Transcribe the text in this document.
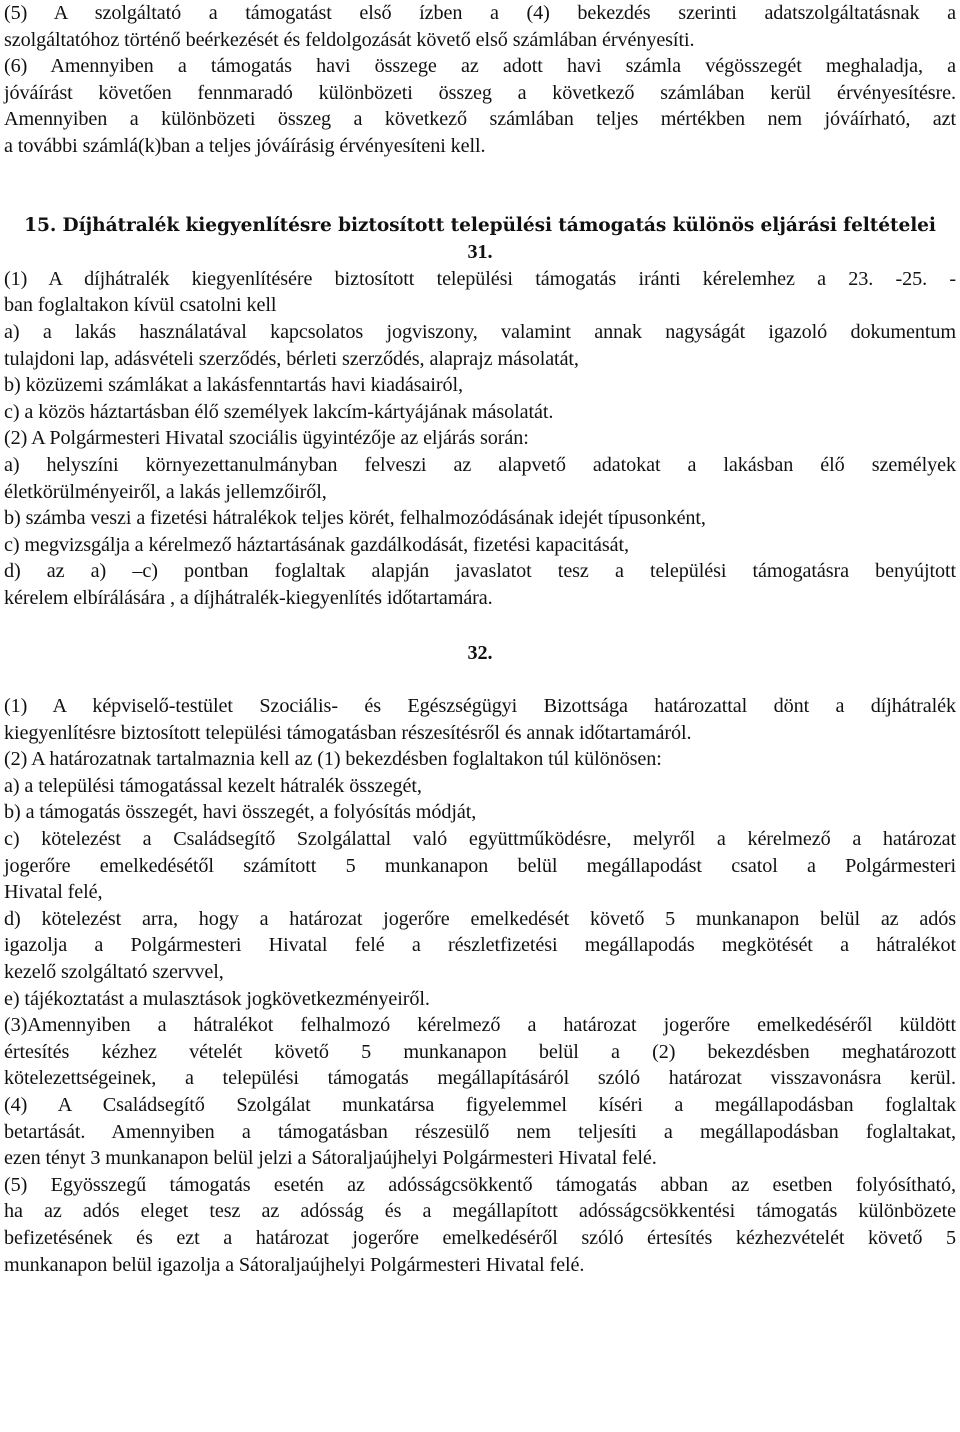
(5) A szolgáltató a támogatást első ízben a (4) bekezdés szerinti adatszolgáltatásnak a
szolgáltatóhoz történő beérkezését és feldolgozását követő első számlában érvényesíti.
(6) Amennyiben a támogatás havi összege az adott havi számla végösszegét meghaladja, a
jóváírást követően fennmaradó különbözeti összeg a következő számlában kerül érvényesítésre.
Amennyiben a különbözeti összeg a következő számlában teljes mértékben nem jóváírható, azt
a további számlá(k)ban a teljes jóváírásig érvényesíteni kell.
15. Díjhátralék kiegyenlítésre biztosított települési támogatás különös eljárási feltételei
31.
(1) A díjhátralék kiegyenlítésére biztosított települési támogatás iránti kérelemhez a 23. -25. -
ban foglaltakon kívül csatolni kell
a) a lakás használatával kapcsolatos jogviszony, valamint annak nagyságát igazoló dokumentum
tulajdoni lap, adásvételi szerződés, bérleti szerződés, alaprajz másolatát,
b) közüzemi számlákat a lakásfenntartás havi kiadásairól,
c) a közös háztartásban élő személyek lakcím-kártyájának másolatát.
(2) A Polgármesteri Hivatal szociális ügyintézője az eljárás során:
a) helyszíni környezettanulmányban felveszi az alapvető adatokat a lakásban élő személyek
életkörülményeiről, a lakás jellemzőiről,
b) számba veszi a fizetési hátralékok teljes körét, felhalmozódásának idejét típusonként,
c) megvizsgálja a kérelmező háztartásának gazdálkodását, fizetési kapacitását,
d) az a) –c) pontban foglaltak alapján javaslatot tesz a települési támogatásra benyújtott
kérelem elbírálására , a díjhátralék-kiegyenlítés időtartamára.
32.
(1) A képviselő-testület Szociális- és Egészségügyi Bizottsága határozattal dönt a díjhátralék
kiegyenlítésre biztosított települési támogatásban részesítésről és annak időtartamáról.
(2) A határozatnak tartalmaznia kell az (1) bekezdésben foglaltakon túl különösen:
a) a települési támogatással kezelt hátralék összegét,
b) a támogatás összegét, havi összegét, a folyósítás módját,
c) kötelezést a Családsegítő Szolgálattal való együttműködésre, melyről a kérelmező a határozat
jogerőre emelkedésétől számított 5 munkanapon belül megállapodást csatol a Polgármesteri
Hivatal felé,
d) kötelezést arra, hogy a határozat jogerőre emelkedését követő 5 munkanapon belül az adós
igazolja a Polgármesteri Hivatal felé a részletfizetési megállapodás megkötését a hátralékot
kezelő szolgáltató szervvel,
e) tájékoztatást a mulasztások jogkövetkezményeiről.
(3)Amennyiben a hátralékot felhalmozó kérelmező a határozat jogerőre emelkedéséről küldött
értesítés kézhez vételét követő 5 munkanapon belül a (2) bekezdésben meghatározott
kötelezettségeinek, a települési támogatás megállapításáról szóló határozat visszavonásra kerül.
(4) A Családsegítő Szolgálat munkatársa figyelemmel kíséri a megállapodásban foglaltak
betartását. Amennyiben a támogatásban részesülő nem teljesíti a megállapodásban foglaltakat,
ezen tényt 3 munkanapon belül jelzi a Sátoraljaújhelyi Polgármesteri Hivatal felé.
(5) Egyösszegű támogatás esetén az adósságcsökkentő támogatás abban az esetben folyósítható,
ha az adós eleget tesz az adósság és a megállapított adósságcsökkentési támogatás különbözete
befizetésének és ezt a határozat jogerőre emelkedéséről szóló értesítés kézhezvételét követő 5
munkanapon belül igazolja a Sátoraljaújhelyi Polgármesteri Hivatal felé.
